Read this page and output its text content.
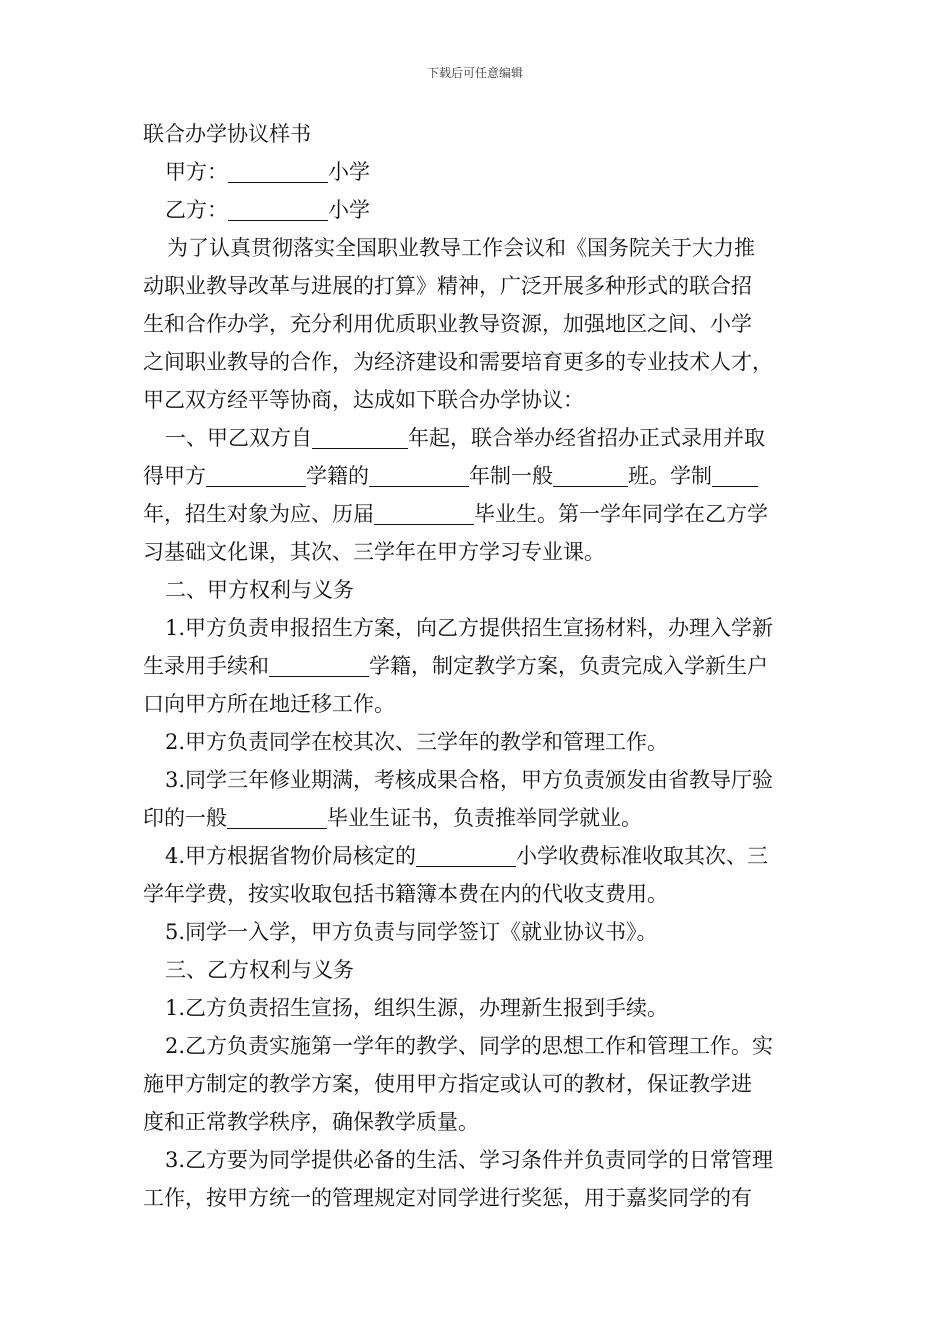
下载后可任意编辑
联合办学协议样书
甲方：	小学
乙方：	小学
为了认真贯彻落实全国职业教导工作会议和《国务院关于大力推
动职业教导改革与进展的打算》精神，广泛开展多种形式的联合招
生和合作办学，充分利用优质职业教导资源，加强地区之间、小学
之间职业教导的合作，为经济建设和需要培育更多的专业技术人才，
甲乙双方经平等协商，达成如下联合办学协议：
一、甲乙双方自	年起，联合举办经省招办正式录用并取
得甲方	学籍的	年制一般	班。学制
年，招生对象为应、历届	毕业生。第一学年同学在乙方学
习基础文化课，其次、三学年在甲方学习专业课。
二、甲方权利与义务
1.甲方负责申报招生方案，向乙方提供招生宣扬材料，办理入学新
生录用手续和	学籍，制定教学方案，负责完成入学新生户
口向甲方所在地迁移工作。
2.甲方负责同学在校其次、三学年的教学和管理工作。
3.同学三年修业期满，考核成果合格，甲方负责颁发由省教导厅验
印的一般	毕业生证书，负责推举同学就业。
4.甲方根据省物价局核定的	小学收费标准收取其次、三
学年学费，按实收取包括书籍簿本费在内的代收支费用。
5.同学一入学，甲方负责与同学签订《就业协议书》。
三、乙方权利与义务
1.乙方负责招生宣扬，组织生源，办理新生报到手续。
2.乙方负责实施第一学年的教学、同学的思想工作和管理工作。实
施甲方制定的教学方案，使用甲方指定或认可的教材，保证教学进
度和正常教学秩序，确保教学质量。
3.乙方要为同学提供必备的生活、学习条件并负责同学的日常管理
工作，按甲方统一的管理规定对同学进行奖惩，用于嘉奖同学的有
